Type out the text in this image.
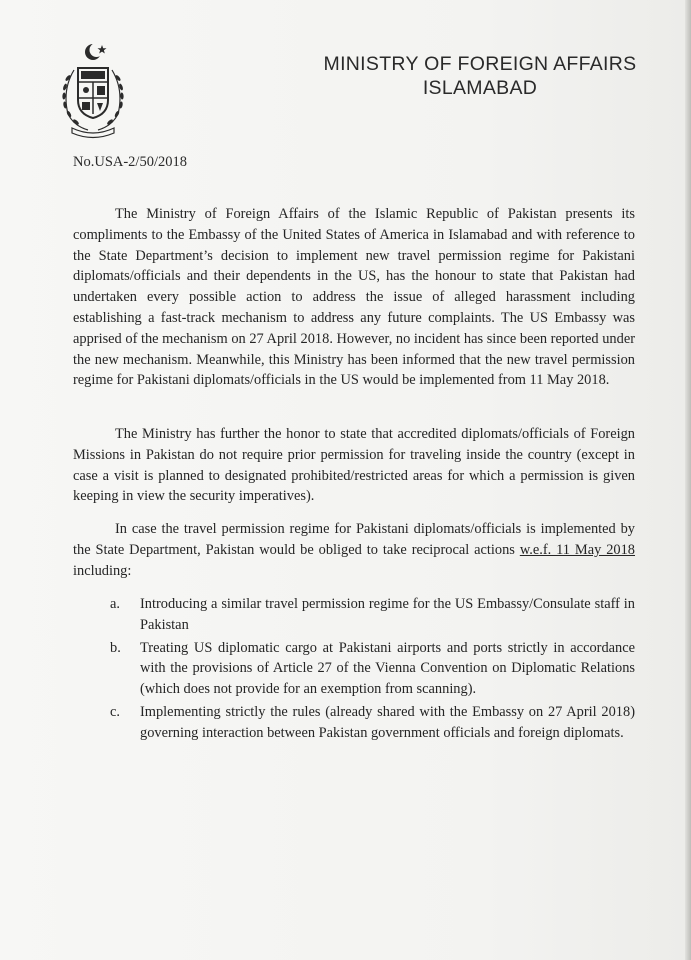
MINISTRY OF FOREIGN AFFAIRS
ISLAMABAD
No.USA-2/50/2018
The Ministry of Foreign Affairs of the Islamic Republic of Pakistan presents its compliments to the Embassy of the United States of America in Islamabad and with reference to the State Department’s decision to implement new travel permission regime for Pakistani diplomats/officials and their dependents in the US, has the honour to state that Pakistan had undertaken every possible action to address the issue of alleged harassment including establishing a fast-track mechanism to address any future complaints. The US Embassy was apprised of the mechanism on 27 April 2018. However, no incident has since been reported under the new mechanism. Meanwhile, this Ministry has been informed that the new travel permission regime for Pakistani diplomats/officials in the US would be implemented from 11 May 2018.
The Ministry has further the honor to state that accredited diplomats/officials of Foreign Missions in Pakistan do not require prior permission for traveling inside the country (except in case a visit is planned to designated prohibited/restricted areas for which a permission is given keeping in view the security imperatives).
In case the travel permission regime for Pakistani diplomats/officials is implemented by the State Department, Pakistan would be obliged to take reciprocal actions w.e.f. 11 May 2018 including:
a. Introducing a similar travel permission regime for the US Embassy/Consulate staff in Pakistan
b. Treating US diplomatic cargo at Pakistani airports and ports strictly in accordance with the provisions of Article 27 of the Vienna Convention on Diplomatic Relations (which does not provide for an exemption from scanning).
c. Implementing strictly the rules (already shared with the Embassy on 27 April 2018) governing interaction between Pakistan government officials and foreign diplomats.
